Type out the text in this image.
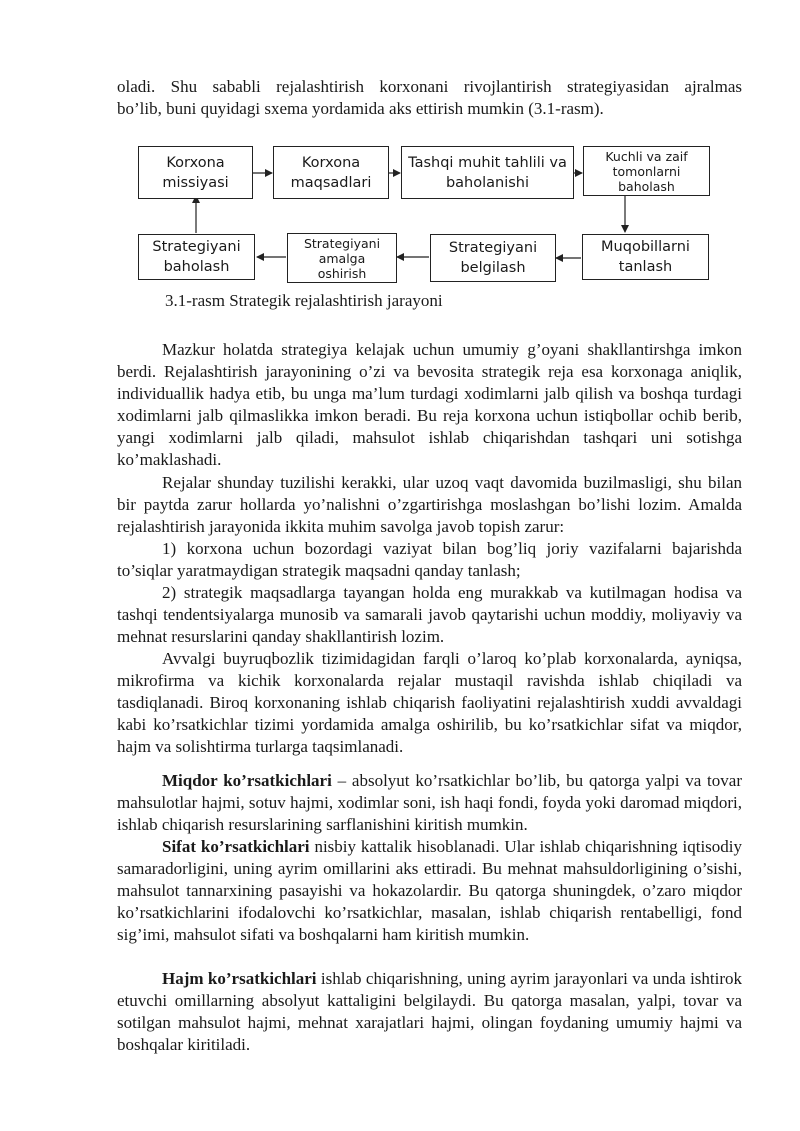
oladi. Shu sababli rejalashtirish korxonani rivojlantirish strategiyasidan ajralmas
bo’lib, buni quyidagi sxema yordamida aks ettirish mumkin (3.1-rasm).

Korxona missiyasi
Korxona maqsadlari
Tashqi muhit tahlili va baholanishi
Kuchli va zaif tomonlarni baholash
Muqobillarni tanlash
Strategiyani belgilash
Strategiyani amalga oshirish
Strategiyani baholash
3.1-rasm Strategik rejalashtirish jarayoni

Mazkur holatda strategiya kelajak uchun umumiy g’oyani shakllantirshga imkon berdi. Rejalashtirish jarayonining o’zi va bevosita strategik reja esa korxonaga aniqlik, individuallik hadya etib, bu unga ma’lum turdagi xodimlarni jalb qilish va boshqa turdagi xodimlarni jalb qilmaslikka imkon beradi. Bu reja korxona uchun istiqbollar ochib berib, yangi xodimlarni jalb qiladi, mahsulot ishlab chiqarishdan tashqari uni sotishga ko’maklashadi.

Rejalar shunday tuzilishi kerakki, ular uzoq vaqt davomida buzilmasligi, shu bilan bir paytda zarur hollarda yo’nalishni o’zgartirishga moslashgan bo’lishi lozim. Amalda rejalashtirish jarayonida ikkita muhim savolga javob topish zarur:

1) korxona uchun bozordagi vaziyat bilan bog’liq joriy vazifalarni bajarishda to’siqlar yaratmaydigan strategik maqsadni qanday tanlash;

2) strategik maqsadlarga tayangan holda eng murakkab va kutilmagan hodisa va tashqi tendentsiyalarga munosib va samarali javob qaytarishi uchun moddiy, moliyaviy va mehnat resurslarini qanday shakllantirish lozim.

Avvalgi buyruqbozlik tizimidagidan farqli o’laroq ko’plab korxonalarda, ayniqsa, mikrofirma va kichik korxonalarda rejalar mustaqil ravishda ishlab chiqiladi va tasdiqlanadi. Biroq korxonaning ishlab chiqarish faoliyatini rejalashtirish xuddi avvaldagi kabi ko’rsatkichlar tizimi yordamida amalga oshirilib, bu ko’rsatkichlar sifat va miqdor, hajm va solishtirma turlarga taqsimlanadi.

Miqdor ko’rsatkichlari – absolyut ko’rsatkichlar bo’lib, bu qatorga yalpi va tovar mahsulotlar hajmi, sotuv hajmi, xodimlar soni, ish haqi fondi, foyda yoki daromad miqdori, ishlab chiqarish resurslarining sarflanishini kiritish mumkin.

Sifat ko’rsatkichlari nisbiy kattalik hisoblanadi. Ular ishlab chiqarishning iqtisodiy samaradorligini, uning ayrim omillarini aks ettiradi. Bu mehnat mahsuldorligining o’sishi, mahsulot tannarxining pasayishi va hokazolardir. Bu qatorga shuningdek, o’zaro miqdor ko’rsatkichlarini ifodalovchi ko’rsatkichlar, masalan, ishlab chiqarish rentabelligi, fond sig’imi, mahsulot sifati va boshqalarni ham kiritish mumkin.

Hajm ko’rsatkichlari ishlab chiqarishning, uning ayrim jarayonlari va unda ishtirok etuvchi omillarning absolyut kattaligini belgilaydi. Bu qatorga masalan, yalpi, tovar va sotilgan mahsulot hajmi, mehnat xarajatlari hajmi, olingan foydaning umumiy hajmi va boshqalar kiritiladi.
